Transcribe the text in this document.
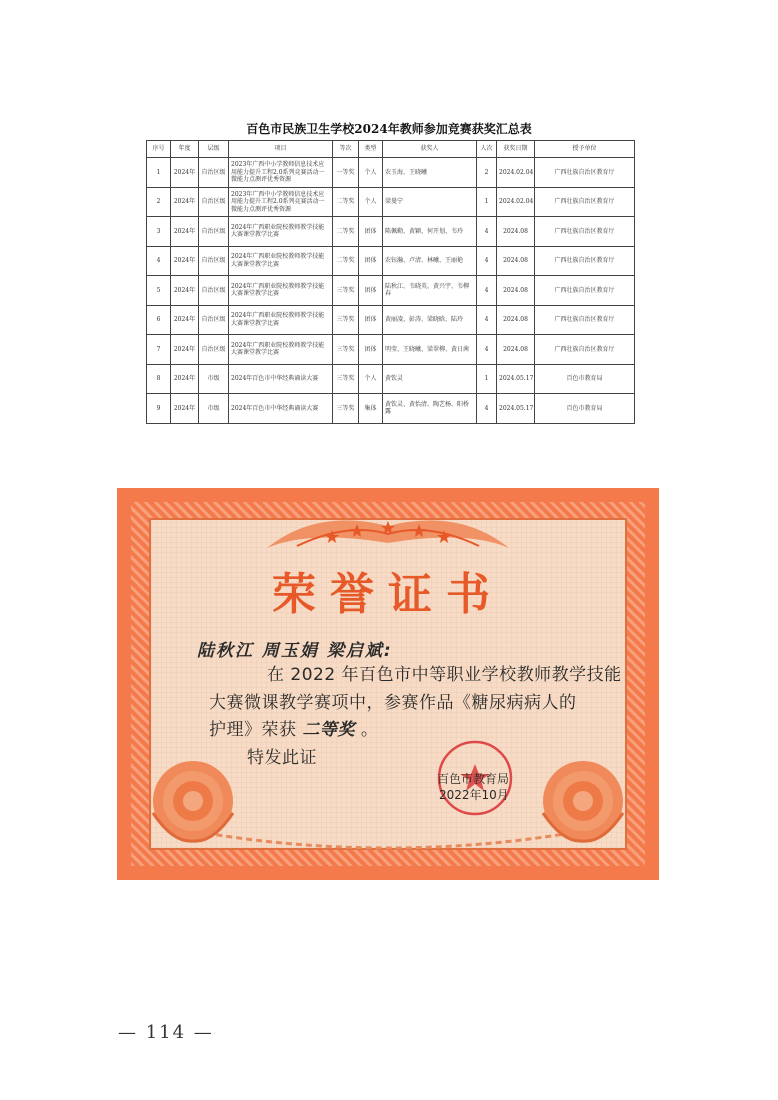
百色市民族卫生学校2024年教师参加竞赛获奖汇总表
序号	年度	层级	项目	等次	类型	获奖人	人次	获奖日期	授予单位
1	2024年	自治区级	2023年广西中小学教师信息技术应用能力提升工程2.0系列竞赛活动一微能力点测评优秀资源	一等奖	个人	农玉海、王晓曦	2	2024.02.04	广西壮族自治区教育厅
2	2024年	自治区级	2023年广西中小学教师信息技术应用能力提升工程2.0系列竞赛活动一微能力点测评优秀资源	二等奖	个人	梁曼宁	1	2024.02.04	广西壮族自治区教育厅
3	2024年	自治区级	2024年广西职业院校教师教学技能大赛课堂教学比赛	二等奖	团体	陈佩勤、黄颖、何开划、韦玲	4	2024.08	广西壮族自治区教育厅
4	2024年	自治区级	2024年广西职业院校教师教学技能大赛课堂教学比赛	二等奖	团体	农钰瀚、卢清、林曦、王丽艳	4	2024.08	广西壮族自治区教育厅
5	2024年	自治区级	2024年广西职业院校教师教学技能大赛课堂教学比赛	三等奖	团体	陆秋江、韦晓英、黄兴宇、韦柳春	4	2024.08	广西壮族自治区教育厅
6	2024年	自治区级	2024年广西职业院校教师教学技能大赛课堂教学比赛	三等奖	团体	黄丽凌、彭涛、梁晓晗、陆玲	4	2024.08	广西壮族自治区教育厅
7	2024年	自治区级	2024年广西职业院校教师教学技能大赛课堂教学比赛	三等奖	团体	明莹、王晓曦、梁翠柳、黄日茜	4	2024.08	广西壮族自治区教育厅
8	2024年	市级	2024年百色市中华经典诵读大赛	三等奖	个人	黄钦灵	1	2024.05.17	百色市教育局
9	2024年	市级	2024年百色市中华经典诵读大赛	三等奖	集体	黄钦灵、黄怡清、陶艺杨、阳桥露	4	2024.05.17	百色市教育局
荣誉证书
陆秋江 周玉娟 梁启斌:
在 2022 年百色市中等职业学校教师教学技能
大赛微课教学赛项中，参赛作品《糖尿病病人的
护理》荣获 二等奖 。
特发此证
百色市教育局
2022年10月
— 114 —
